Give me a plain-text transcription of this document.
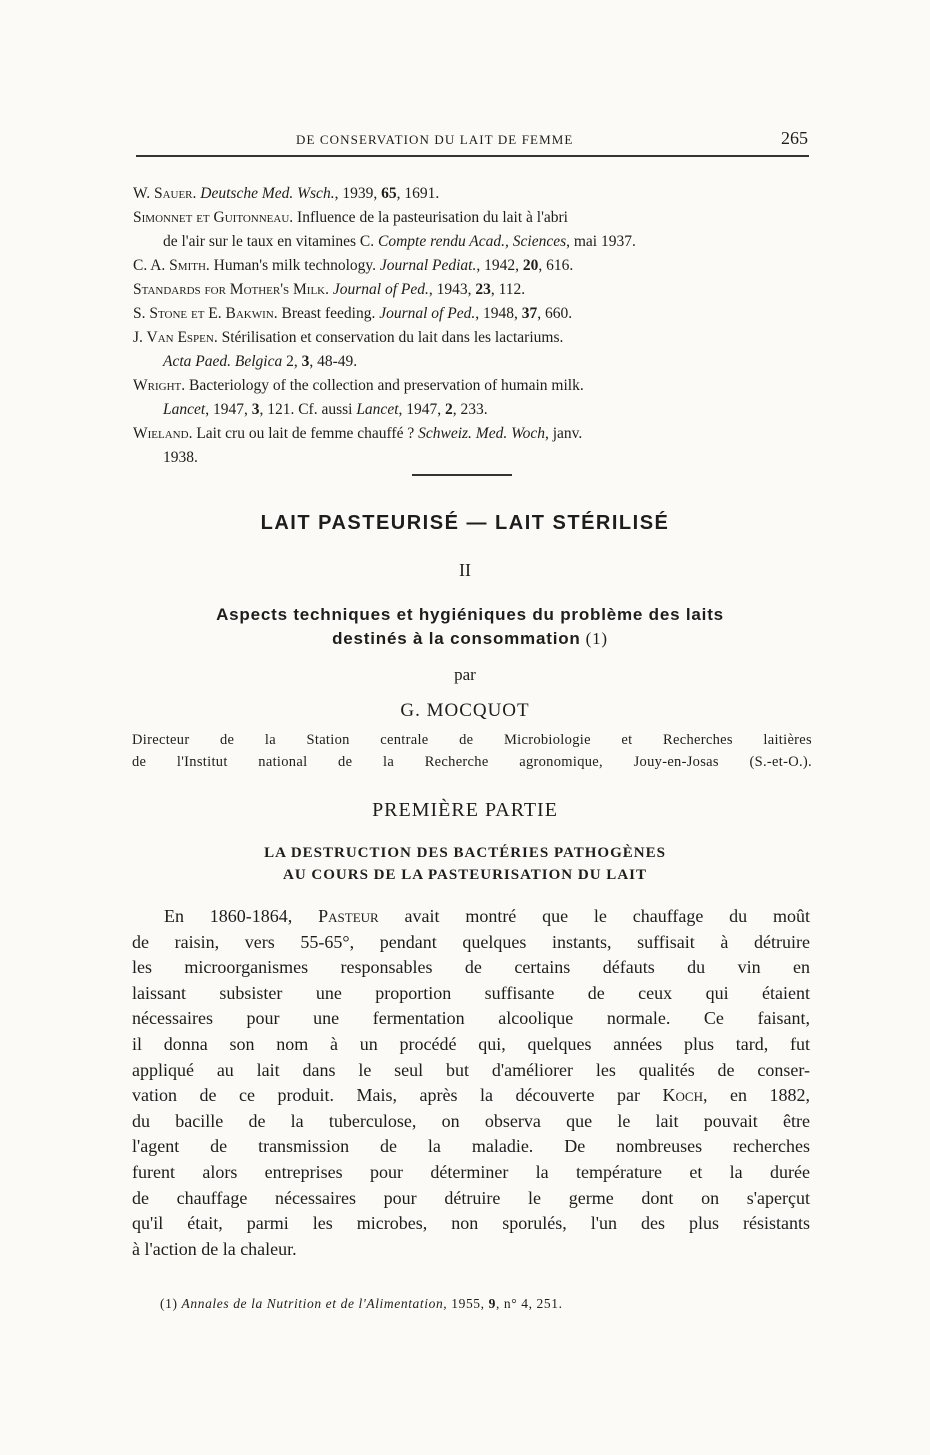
DE CONSERVATION DU LAIT DE FEMME	265

W. Sauer. Deutsche Med. Wsch., 1939, 65, 1691.

Simonnet et Guitonneau. Influence de la pasteurisation du lait à l'abri
de l'air sur le taux en vitamines C. Compte rendu Acad., Sciences, mai 1937.

C. A. Smith. Human's milk technology. Journal Pediat., 1942, 20, 616.

Standards for Mother's Milk. Journal of Ped., 1943, 23, 112.

S. Stone et E. Bakwin. Breast feeding. Journal of Ped., 1948, 37, 660.

J. Van Espen. Stérilisation et conservation du lait dans les lactariums.
Acta Paed. Belgica 2, 3, 48-49.

Wright. Bacteriology of the collection and preservation of humain milk.
Lancet, 1947, 3, 121. Cf. aussi Lancet, 1947, 2, 233.

Wieland. Lait cru ou lait de femme chauffé ? Schweiz. Med. Woch, janv.
1938.

LAIT PASTEURISÉ — LAIT STÉRILISÉ
II
Aspects techniques et hygiéniques du problème des laits
destinés à la consommation (1)
par
G. MOCQUOT
Directeur de la Station centrale de Microbiologie et Recherches laitières
de l'Institut national de la Recherche agronomique, Jouy-en-Josas (S.-et-O.).
PREMIÈRE PARTIE
LA DESTRUCTION DES BACTÉRIES PATHOGÈNES
AU COURS DE LA PASTEURISATION DU LAIT
En 1860-1864, Pasteur avait montré que le chauffage du moût
de raisin, vers 55-65°, pendant quelques instants, suffisait à détruire
les microorganismes responsables de certains défauts du vin en
laissant subsister une proportion suffisante de ceux qui étaient
nécessaires pour une fermentation alcoolique normale. Ce faisant,
il donna son nom à un procédé qui, quelques années plus tard, fut
appliqué au lait dans le seul but d'améliorer les qualités de conser-
vation de ce produit. Mais, après la découverte par Koch, en 1882,
du bacille de la tuberculose, on observa que le lait pouvait être
l'agent de transmission de la maladie. De nombreuses recherches
furent alors entreprises pour déterminer la température et la durée
de chauffage nécessaires pour détruire le germe dont on s'aperçut
qu'il était, parmi les microbes, non sporulés, l'un des plus résistants
à l'action de la chaleur.
(1) Annales de la Nutrition et de l'Alimentation, 1955, 9, n° 4, 251.
